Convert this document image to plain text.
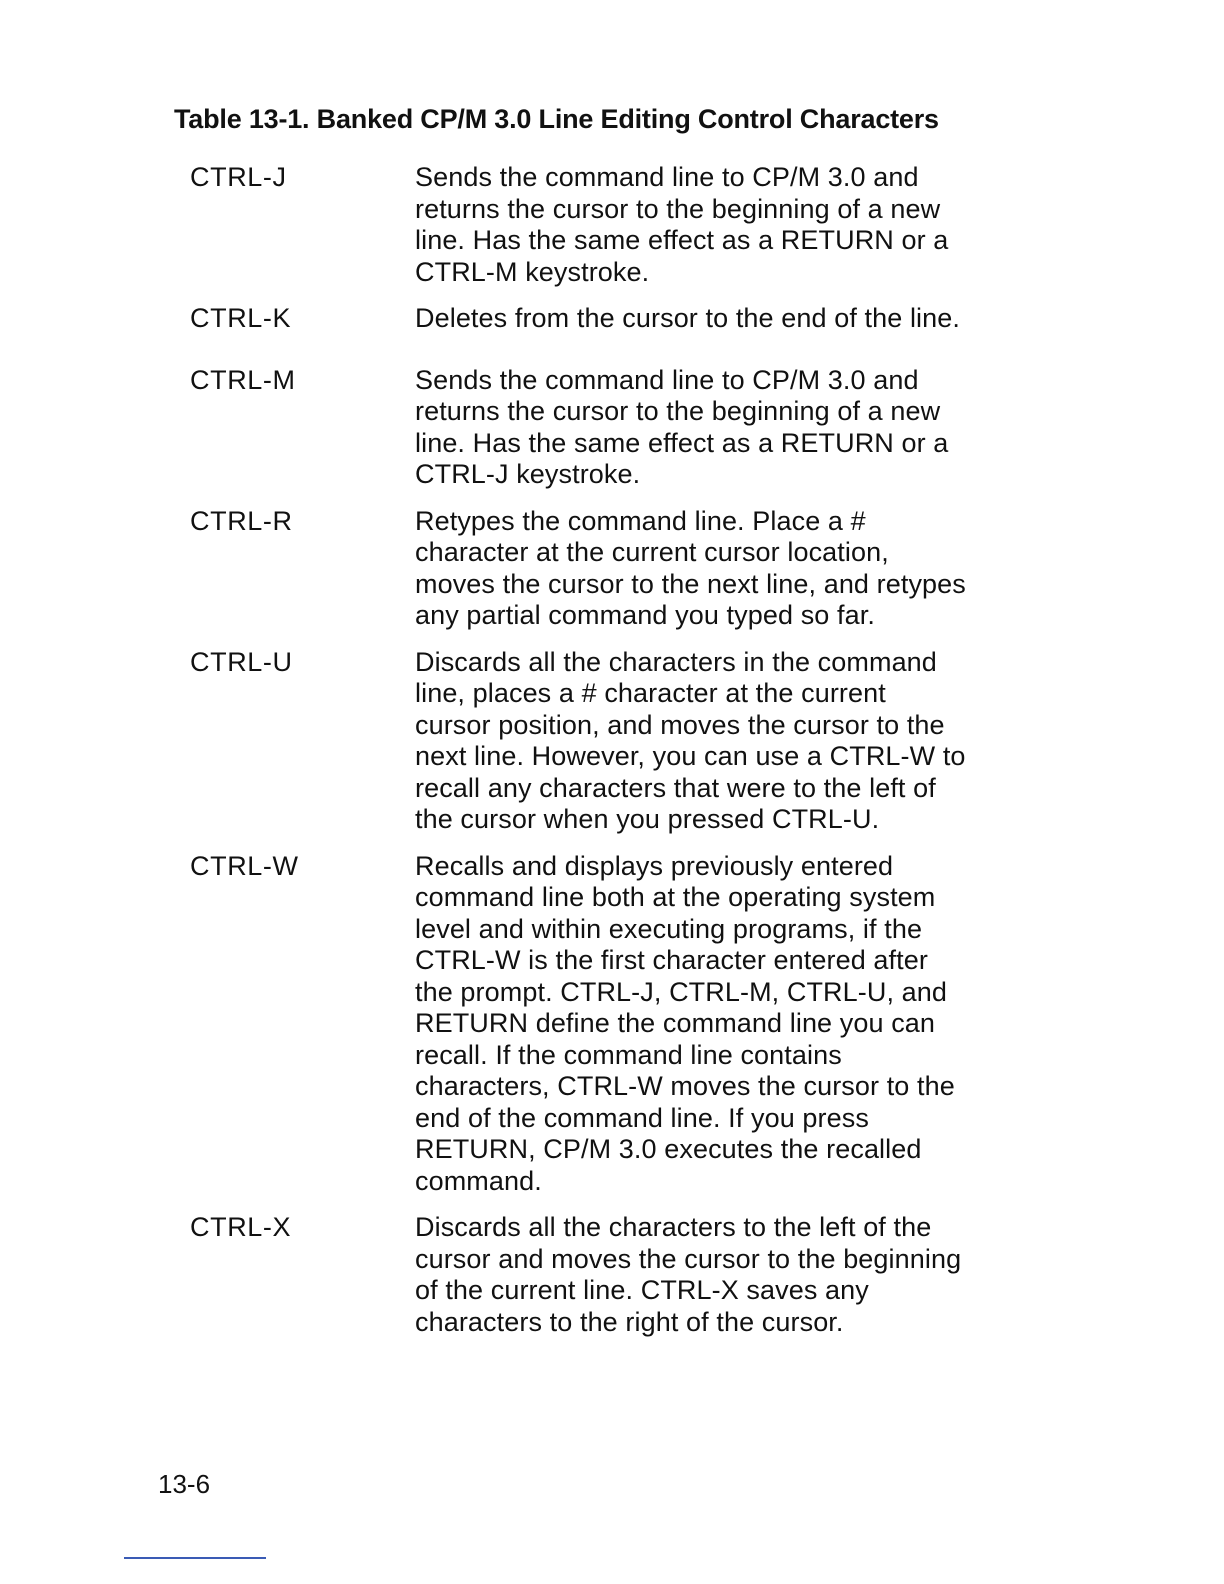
Table 13-1. Banked CP/M 3.0 Line Editing Control Characters
CTRL-J	Sends the command line to CP/M 3.0 and
returns the cursor to the beginning of a new
line. Has the same effect as a RETURN or a
CTRL-M keystroke.
CTRL-K	Deletes from the cursor to the end of the line.
CTRL-M	Sends the command line to CP/M 3.0 and
returns the cursor to the beginning of a new
line. Has the same effect as a RETURN or a
CTRL-J keystroke.
CTRL-R	Retypes the command line. Place a #
character at the current cursor location,
moves the cursor to the next line, and retypes
any partial command you typed so far.
CTRL-U	Discards all the characters in the command
line, places a # character at the current
cursor position, and moves the cursor to the
next line. However, you can use a CTRL-W to
recall any characters that were to the left of
the cursor when you pressed CTRL-U.
CTRL-W	Recalls and displays previously entered
command line both at the operating system
level and within executing programs, if the
CTRL-W is the first character entered after
the prompt. CTRL-J, CTRL-M, CTRL-U, and
RETURN define the command line you can
recall. If the command line contains
characters, CTRL-W moves the cursor to the
end of the command line. If you press
RETURN, CP/M 3.0 executes the recalled
command.
CTRL-X	Discards all the characters to the left of the
cursor and moves the cursor to the beginning
of the current line. CTRL-X saves any
characters to the right of the cursor.
13-6
